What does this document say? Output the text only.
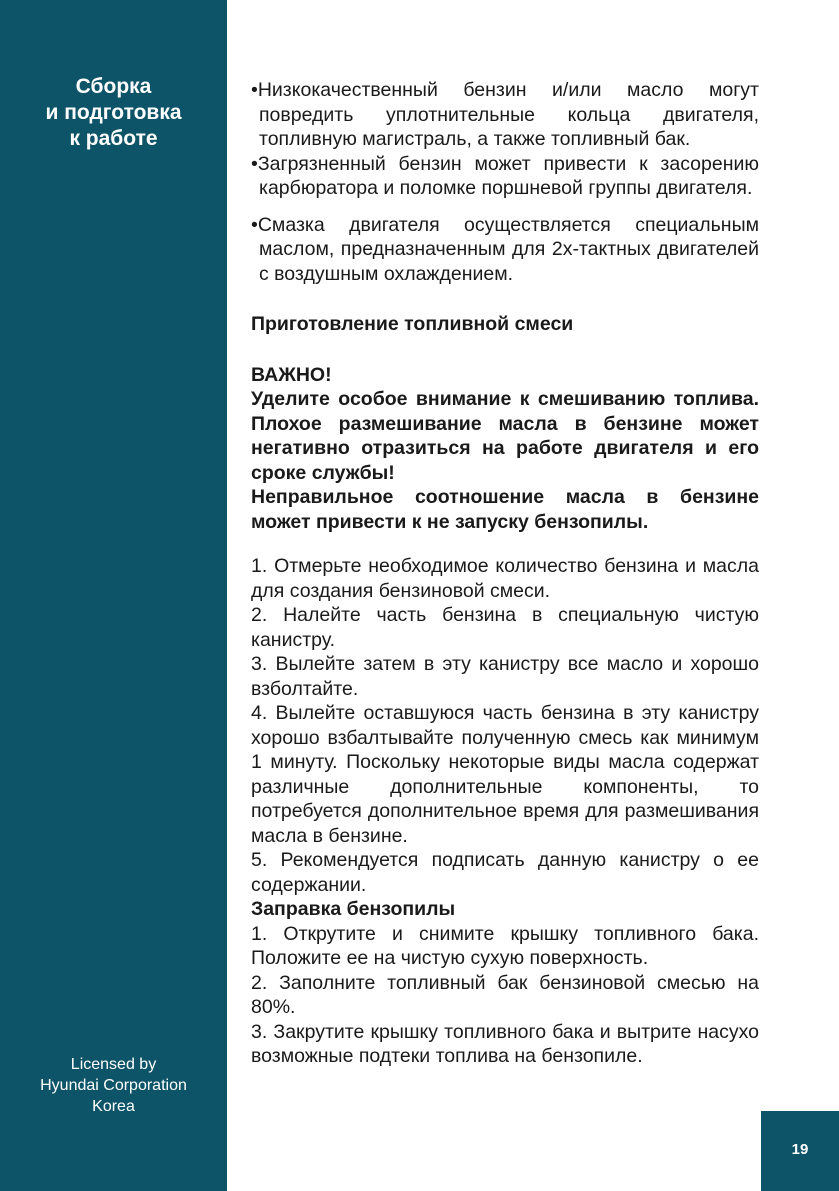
Сборка
и подготовка
к работе
Licensed by
Hyundai Corporation
Korea

•Низкокачественный бензин и/или масло могут повредить уплотнительные кольца двигателя, топливную магистраль, а также топливный бак.

•Загрязненный бензин может привести к засорению карбюратора и поломке поршневой группы двигателя.

•Смазка двигателя осуществляется специальным маслом, предназначенным для 2х-тактных двигателей с воздушным охлаждением.

Приготовление топливной смеси

ВАЖНО!

Уделите особое внимание к смешиванию топлива. Плохое размешивание масла в бензине может негативно отразиться на работе двигателя и его сроке службы!

Неправильное соотношение масла в бензине может привести к не запуску бензопилы.

1. Отмерьте необходимое количество бензина и масла для создания бензиновой смеси.

2. Налейте часть бензина в специальную чистую канистру.

3. Вылейте затем в эту канистру все масло и хорошо взболтайте.

4. Вылейте оставшуюся часть бензина в эту канистру хорошо взбалтывайте полученную смесь как минимум 1 минуту. Поскольку некоторые виды масла содержат различные дополнительные компоненты, то потребуется дополнительное время для размешивания масла в бензине.

5. Рекомендуется подписать данную канистру о ее содержании.

Заправка бензопилы

1. Открутите и снимите крышку топливного бака. Положите ее на чистую сухую поверхность.

2. Заполните топливный бак бензиновой смесью на 80%.

3. Закрутите крышку топливного бака и вытрите насухо возможные подтеки топлива на бензопиле.

19
